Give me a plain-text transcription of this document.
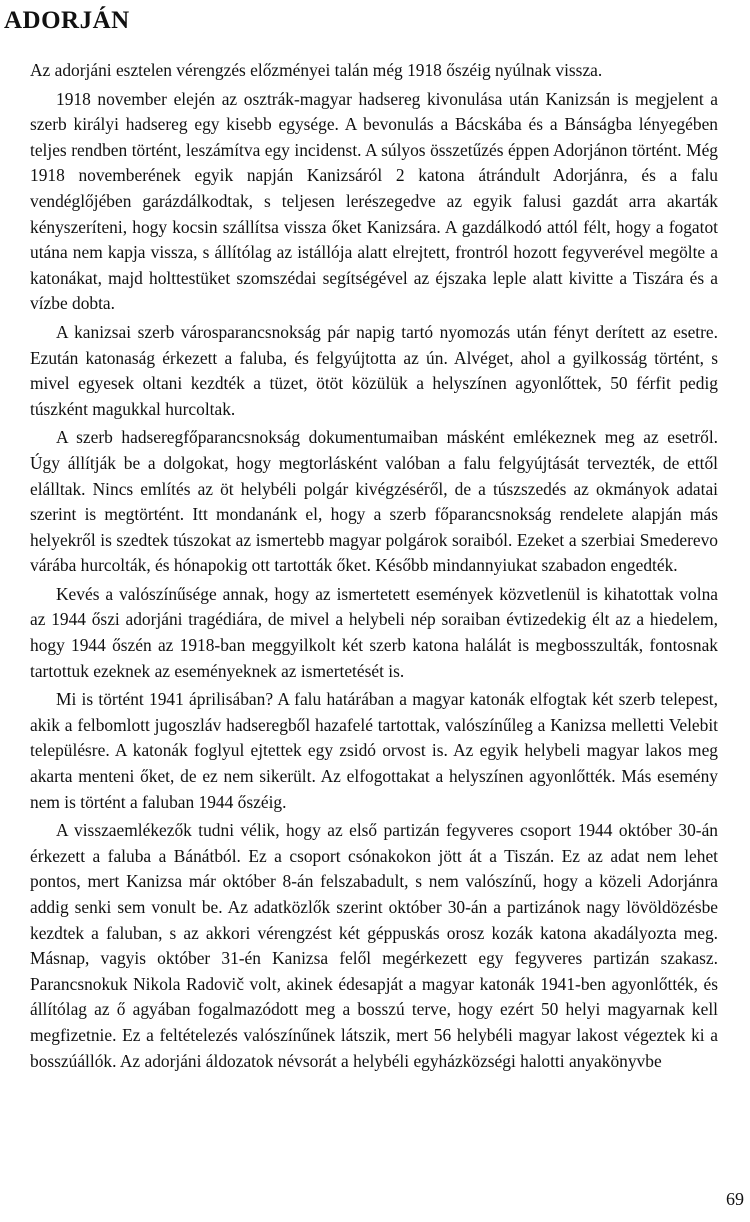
ADORJÁN

Az adorjáni esztelen vérengzés előzményei talán még 1918 őszéig nyúlnak vissza.

1918 november elején az osztrák-magyar hadsereg kivonulása után Kanizsán is megjelent a szerb királyi hadsereg egy kisebb egysége. A bevonulás a Bácskába és a Bánságba lényegében teljes rendben történt, leszámítva egy incidenst. A súlyos összetűzés éppen Adorjánon történt. Még 1918 novemberének egyik napján Kanizsáról 2 katona átrándult Adorjánra, és a falu vendéglőjében garázdálkodtak, s teljesen lerészegedve az egyik falusi gazdát arra akarták kényszeríteni, hogy kocsin szállítsa vissza őket Kanizsára. A gazdálkodó attól félt, hogy a fogatot utána nem kapja vissza, s állítólag az istállója alatt elrejtett, frontról hozott fegyverével megölte a katonákat, majd holttestüket szomszédai segítségével az éjszaka leple alatt kivitte a Tiszára és a vízbe dobta.

A kanizsai szerb városparancsnokság pár napig tartó nyomozás után fényt derített az esetre. Ezután katonaság érkezett a faluba, és felgyújtotta az ún. Alvéget, ahol a gyilkosság történt, s mivel egyesek oltani kezdték a tüzet, ötöt közülük a helyszínen agyonlőttek, 50 férfit pedig túszként magukkal hurcoltak.

A szerb hadseregfőparancsnokság dokumentumaiban másként emlékeznek meg az esetről. Úgy állítják be a dolgokat, hogy megtorlásként valóban a falu felgyújtását tervezték, de ettől elálltak. Nincs említés az öt helybéli polgár kivégzéséről, de a túszszedés az okmányok adatai szerint is megtörtént. Itt mondanánk el, hogy a szerb főparancsnokság rendelete alapján más helyekről is szedtek túszokat az ismertebb magyar polgárok soraiból. Ezeket a szerbiai Smederevo várába hurcolták, és hónapokig ott tartották őket. Később mindannyiukat szabadon engedték.

Kevés a valószínűsége annak, hogy az ismertetett események közvetlenül is kihatottak volna az 1944 őszi adorjáni tragédiára, de mivel a helybeli nép soraiban évtizedekig élt az a hiedelem, hogy 1944 őszén az 1918-ban meggyilkolt két szerb katona halálát is megbosszulták, fontosnak tartottuk ezeknek az eseményeknek az ismertetését is.

Mi is történt 1941 áprilisában? A falu határában a magyar katonák elfogtak két szerb telepest, akik a felbomlott jugoszláv hadseregből hazafelé tartottak, valószínűleg a Kanizsa melletti Velebit településre. A katonák foglyul ejtettek egy zsidó orvost is. Az egyik helybeli magyar lakos meg akarta menteni őket, de ez nem sikerült. Az elfogottakat a helyszínen agyonlőtték. Más esemény nem is történt a faluban 1944 őszéig.

A visszaemlékezők tudni vélik, hogy az első partizán fegyveres csoport 1944 október 30-án érkezett a faluba a Bánátból. Ez a csoport csónakokon jött át a Tiszán. Ez az adat nem lehet pontos, mert Kanizsa már október 8-án felszabadult, s nem valószínű, hogy a közeli Adorjánra addig senki sem vonult be. Az adatközlők szerint október 30-án a partizánok nagy lövöldözésbe kezdtek a faluban, s az akkori vérengzést két géppuskás orosz kozák katona akadályozta meg. Másnap, vagyis október 31-én Kanizsa felől megérkezett egy fegyveres partizán szakasz. Parancsnokuk Nikola Radovič volt, akinek édesapját a magyar katonák 1941-ben agyonlőtték, és állítólag az ő agyában fogalmazódott meg a bosszú terve, hogy ezért 50 helyi magyarnak kell megfizetnie. Ez a feltételezés valószínűnek látszik, mert 56 helybéli magyar lakost végeztek ki a bosszúállók. Az adorjáni áldozatok névsorát a helybéli egyházközségi halotti anyakönyvbe

69
